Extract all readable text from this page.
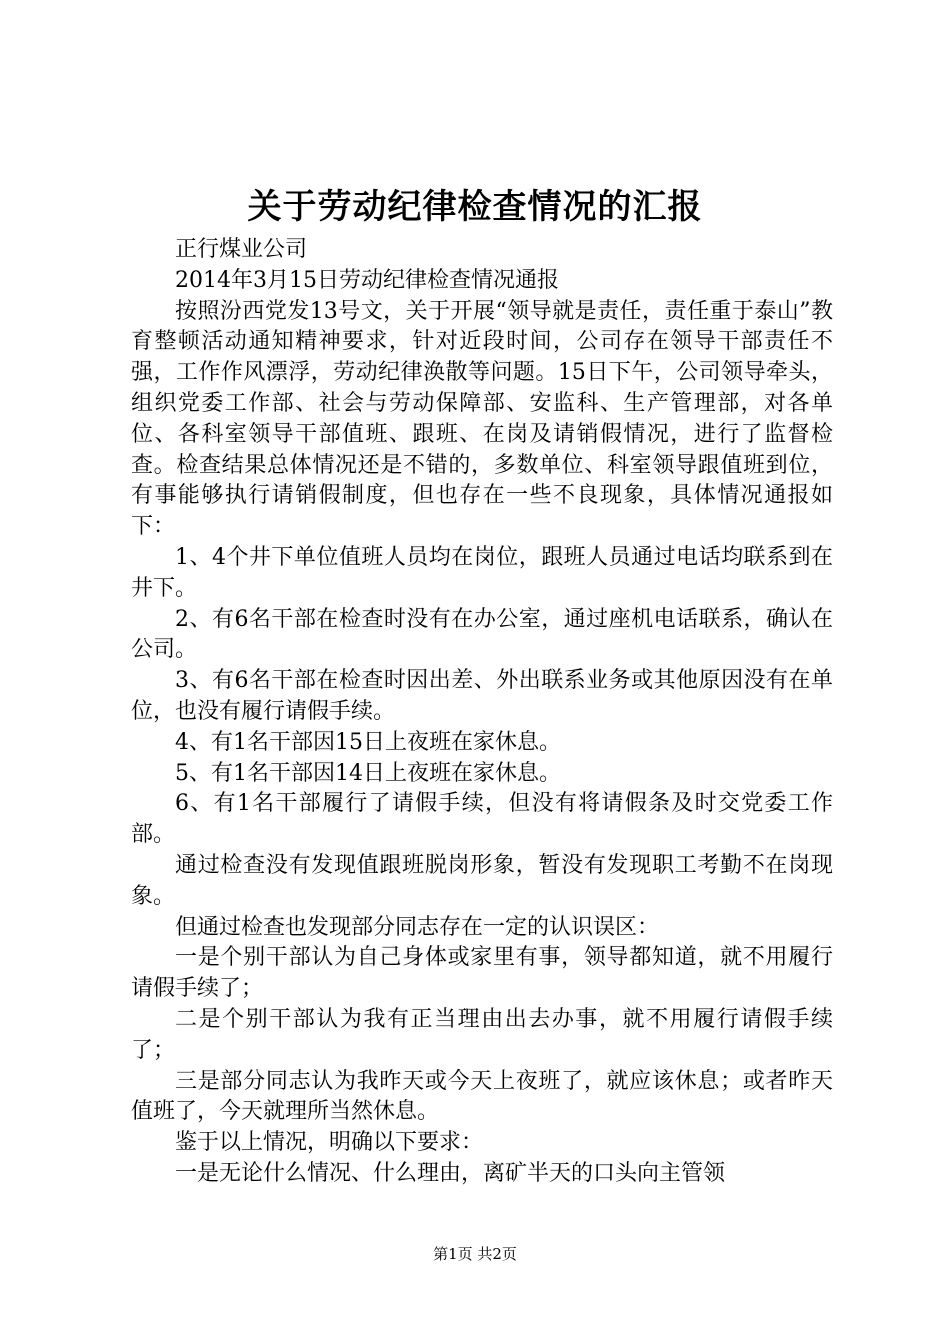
关于劳动纪律检查情况的汇报

正行煤业公司

2014年3月15日劳动纪律检查情况通报

按照汾西党发13号文，关于开展“领导就是责任，责任重于泰山”教育整顿活动通知精神要求，针对近段时间，公司存在领导干部责任不强，工作作风漂浮，劳动纪律涣散等问题。15日下午，公司领导牵头，组织党委工作部、社会与劳动保障部、安监科、生产管理部，对各单位、各科室领导干部值班、跟班、在岗及请销假情况，进行了监督检查。检查结果总体情况还是不错的，多数单位、科室领导跟值班到位，有事能够执行请销假制度，但也存在一些不良现象，具体情况通报如下：

1、4个井下单位值班人员均在岗位，跟班人员通过电话均联系到在井下。

2、有6名干部在检查时没有在办公室，通过座机电话联系，确认在公司。

3、有6名干部在检查时因出差、外出联系业务或其他原因没有在单位，也没有履行请假手续。

4、有1名干部因15日上夜班在家休息。

5、有1名干部因14日上夜班在家休息。

6、有1名干部履行了请假手续，但没有将请假条及时交党委工作部。

通过检查没有发现值跟班脱岗形象，暂没有发现职工考勤不在岗现象。

但通过检查也发现部分同志存在一定的认识误区：

一是个别干部认为自己身体或家里有事，领导都知道，就不用履行请假手续了；

二是个别干部认为我有正当理由出去办事，就不用履行请假手续了；

三是部分同志认为我昨天或今天上夜班了，就应该休息；或者昨天值班了，今天就理所当然休息。

鉴于以上情况，明确以下要求：

一是无论什么情况、什么理由，离矿半天的口头向主管领

第1页 共2页
